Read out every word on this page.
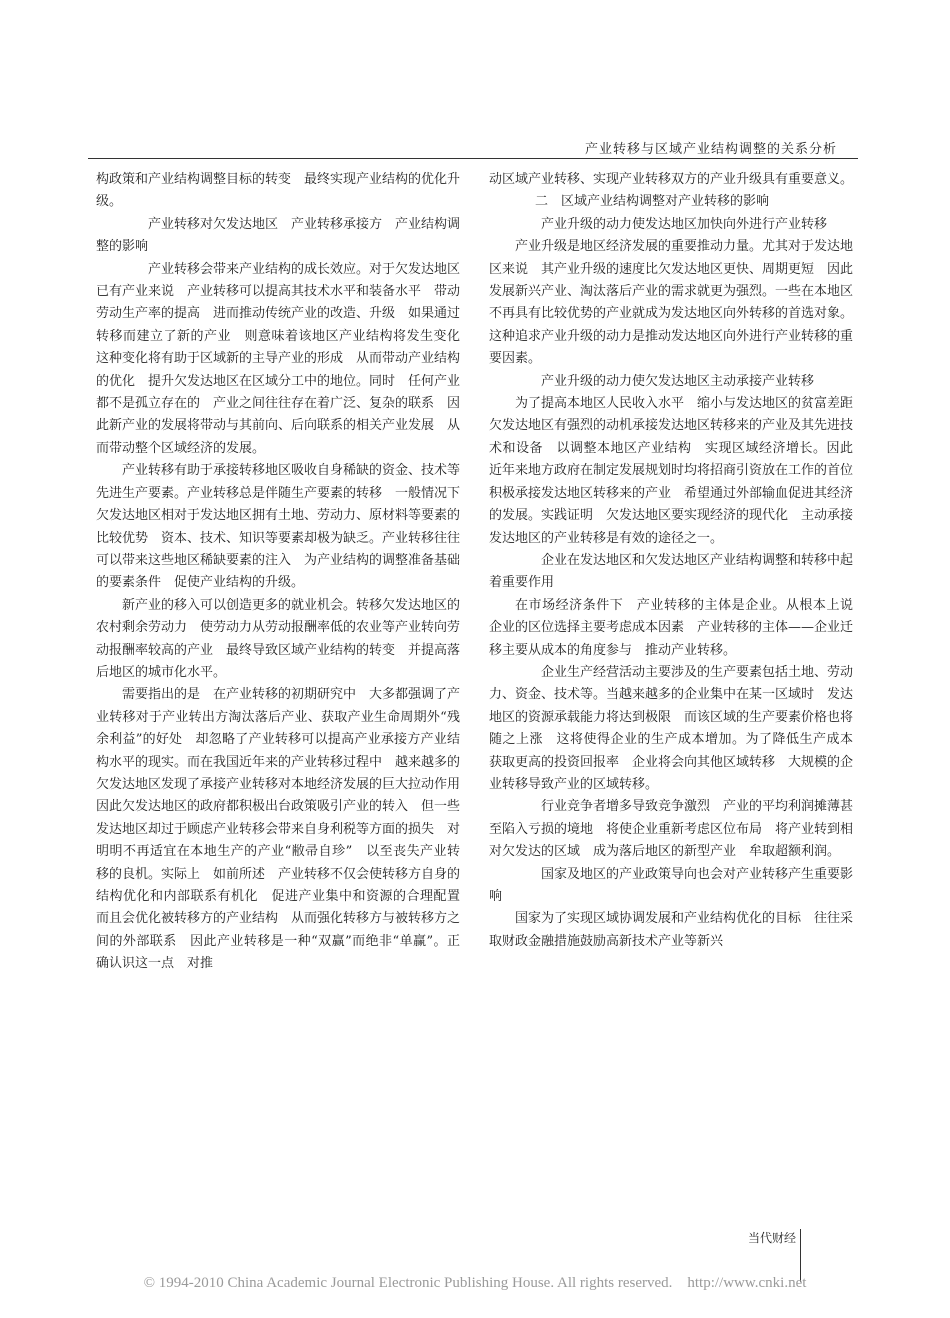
产业转移与区域产业结构调整的关系分析

构政策和产业结构调整目标的转变　最终实现产业结构的优化升级。

产业转移对欠发达地区　产业转移承接方　产业结构调整的影响

产业转移会带来产业结构的成长效应。对于欠发达地区已有产业来说　产业转移可以提高其技术水平和装备水平　带动劳动生产率的提高　进而推动传统产业的改造、升级　如果通过转移而建立了新的产业　则意味着该地区产业结构将发生变化　这种变化将有助于区域新的主导产业的形成　从而带动产业结构的优化　提升欠发达地区在区域分工中的地位。同时　任何产业都不是孤立存在的　产业之间往往存在着广泛、复杂的联系　因此新产业的发展将带动与其前向、后向联系的相关产业发展　从而带动整个区域经济的发展。

产业转移有助于承接转移地区吸收自身稀缺的资金、技术等先进生产要素。产业转移总是伴随生产要素的转移　一般情况下　欠发达地区相对于发达地区拥有土地、劳动力、原材料等要素的比较优势　资本、技术、知识等要素却极为缺乏。产业转移往往可以带来这些地区稀缺要素的注入　为产业结构的调整准备基础的要素条件　促使产业结构的升级。

新产业的移入可以创造更多的就业机会。转移欠发达地区的农村剩余劳动力　使劳动力从劳动报酬率低的农业等产业转向劳动报酬率较高的产业　最终导致区域产业结构的转变　并提高落后地区的城市化水平。

需要指出的是　在产业转移的初期研究中　大多都强调了产业转移对于产业转出方淘汰落后产业、获取产业生命周期外“残余利益”的好处　却忽略了产业转移可以提高产业承接方产业结构水平的现实。而在我国近年来的产业转移过程中　越来越多的欠发达地区发现了承接产业转移对本地经济发展的巨大拉动作用　因此欠发达地区的政府都积极出台政策吸引产业的转入　但一些发达地区却过于顾虑产业转移会带来自身利税等方面的损失　对明明不再适宜在本地生产的产业“敝帚自珍”　以至丧失产业转移的良机。实际上　如前所述　产业转移不仅会使转移方自身的结构优化和内部联系有机化　促进产业集中和资源的合理配置　而且会优化被转移方的产业结构　从而强化转移方与被转移方之间的外部联系　因此产业转移是一种“双赢”而绝非“单赢”。正确认识这一点　对推

动区域产业转移、实现产业转移双方的产业升级具有重要意义。

二　区域产业结构调整对产业转移的影响

产业升级的动力使发达地区加快向外进行产业转移

产业升级是地区经济发展的重要推动力量。尤其对于发达地区来说　其产业升级的速度比欠发达地区更快、周期更短　因此发展新兴产业、淘汰落后产业的需求就更为强烈。一些在本地区不再具有比较优势的产业就成为发达地区向外转移的首选对象。这种追求产业升级的动力是推动发达地区向外进行产业转移的重要因素。

产业升级的动力使欠发达地区主动承接产业转移

为了提高本地区人民收入水平　缩小与发达地区的贫富差距　欠发达地区有强烈的动机承接发达地区转移来的产业及其先进技术和设备　以调整本地区产业结构　实现区域经济增长。因此　近年来地方政府在制定发展规划时均将招商引资放在工作的首位　积极承接发达地区转移来的产业　希望通过外部输血促进其经济的发展。实践证明　欠发达地区要实现经济的现代化　主动承接发达地区的产业转移是有效的途径之一。

企业在发达地区和欠发达地区产业结构调整和转移中起着重要作用

在市场经济条件下　产业转移的主体是企业。从根本上说　企业的区位选择主要考虑成本因素　产业转移的主体——企业迁移主要从成本的角度参与　推动产业转移。

企业生产经营活动主要涉及的生产要素包括土地、劳动力、资金、技术等。当越来越多的企业集中在某一区域时　发达地区的资源承载能力将达到极限　而该区域的生产要素价格也将随之上涨　这将使得企业的生产成本增加。为了降低生产成本　获取更高的投资回报率　企业将会向其他区域转移　大规模的企业转移导致产业的区域转移。

行业竞争者增多导致竞争激烈　产业的平均利润摊薄甚至陷入亏损的境地　将使企业重新考虑区位布局　将产业转到相对欠发达的区域　成为落后地区的新型产业　牟取超额利润。

国家及地区的产业政策导向也会对产业转移产生重要影响

国家为了实现区域协调发展和产业结构优化的目标　往往采取财政金融措施鼓励高新技术产业等新兴

当代财经
© 1994-2010 China Academic Journal Electronic Publishing House. All rights reserved.　http://www.cnki.net
